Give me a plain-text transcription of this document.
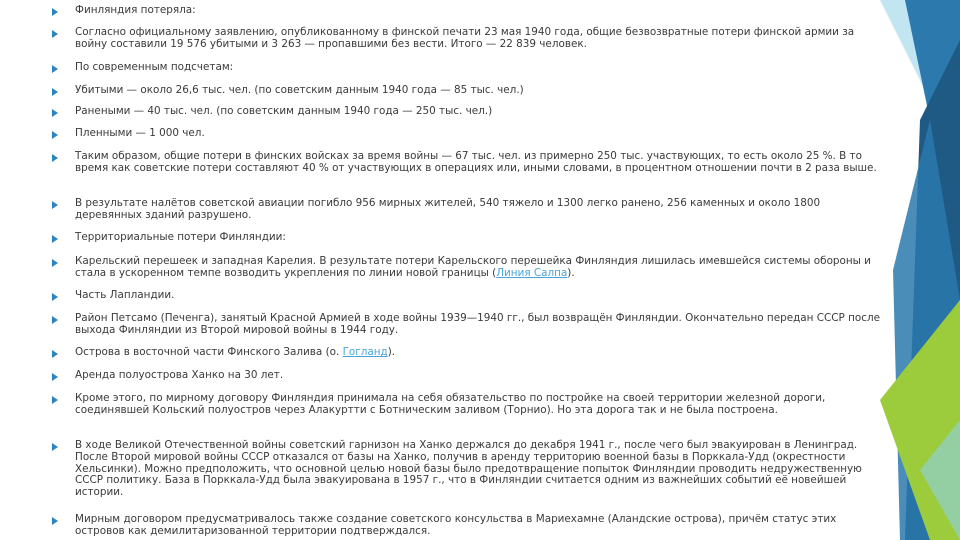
Финляндия потеряла:
Согласно официальному заявлению, опубликованному в финской печати 23 мая 1940 года, общие безвозвратные потери финской армии за войну составили 19 576 убитыми и 3 263 — пропавшими без вести. Итого — 22 839 человек.
По современным подсчетам:
Убитыми — около 26,6 тыс. чел. (по советским данным 1940 года — 85 тыс. чел.)
Ранеными — 40 тыс. чел. (по советским данным 1940 года — 250 тыс. чел.)
Пленными — 1 000 чел.
Таким образом, общие потери в финских войсках за время войны — 67 тыс. чел. из примерно 250 тыс. участвующих, то есть около 25 %. В то время как советские потери составляют 40 % от участвующих в операциях или, иными словами, в процентном отношении почти в 2 раза выше.
В результате налётов советской авиации погибло 956 мирных жителей, 540 тяжело и 1300 легко ранено, 256 каменных и около 1800 деревянных зданий разрушено.
Территориальные потери Финляндии:
Карельский перешеек и западная Карелия. В результате потери Карельского перешейка Финляндия лишилась имевшейся системы обороны и стала в ускоренном темпе возводить укрепления по линии новой границы (Линия Салпа).
Часть Лапландии.
Район Петсамо (Печенга), занятый Красной Армией в ходе войны 1939—1940 гг., был возвращён Финляндии. Окончательно передан СССР после выхода Финляндии из Второй мировой войны в 1944 году.
Острова в восточной части Финского Залива (о. Гогланд).
Аренда полуострова Ханко на 30 лет.
Кроме этого, по мирному договору Финляндия принимала на себя обязательство по постройке на своей территории железной дороги, соединявшей Кольский полуостров через Алакуртти с Ботническим заливом (Торнио). Но эта дорога так и не была построена.
В ходе Великой Отечественной войны советский гарнизон на Ханко держался до декабря 1941 г., после чего был эвакуирован в Ленинград. После Второй мировой войны СССР отказался от базы на Ханко, получив в аренду территорию военной базы в Порккала-Удд (окрестности Хельсинки). Можно предположить, что основной целью новой базы было предотвращение попыток Финляндии проводить недружественную СССР политику. База в Порккала-Удд была эвакуирована в 1957 г., что в Финляндии считается одним из важнейших событий её новейшей истории.
Мирным договором предусматривалось также создание советского консульства в Мариехамне (Аландские острова), причём статус этих островов как демилитаризованной территории подтверждался.
